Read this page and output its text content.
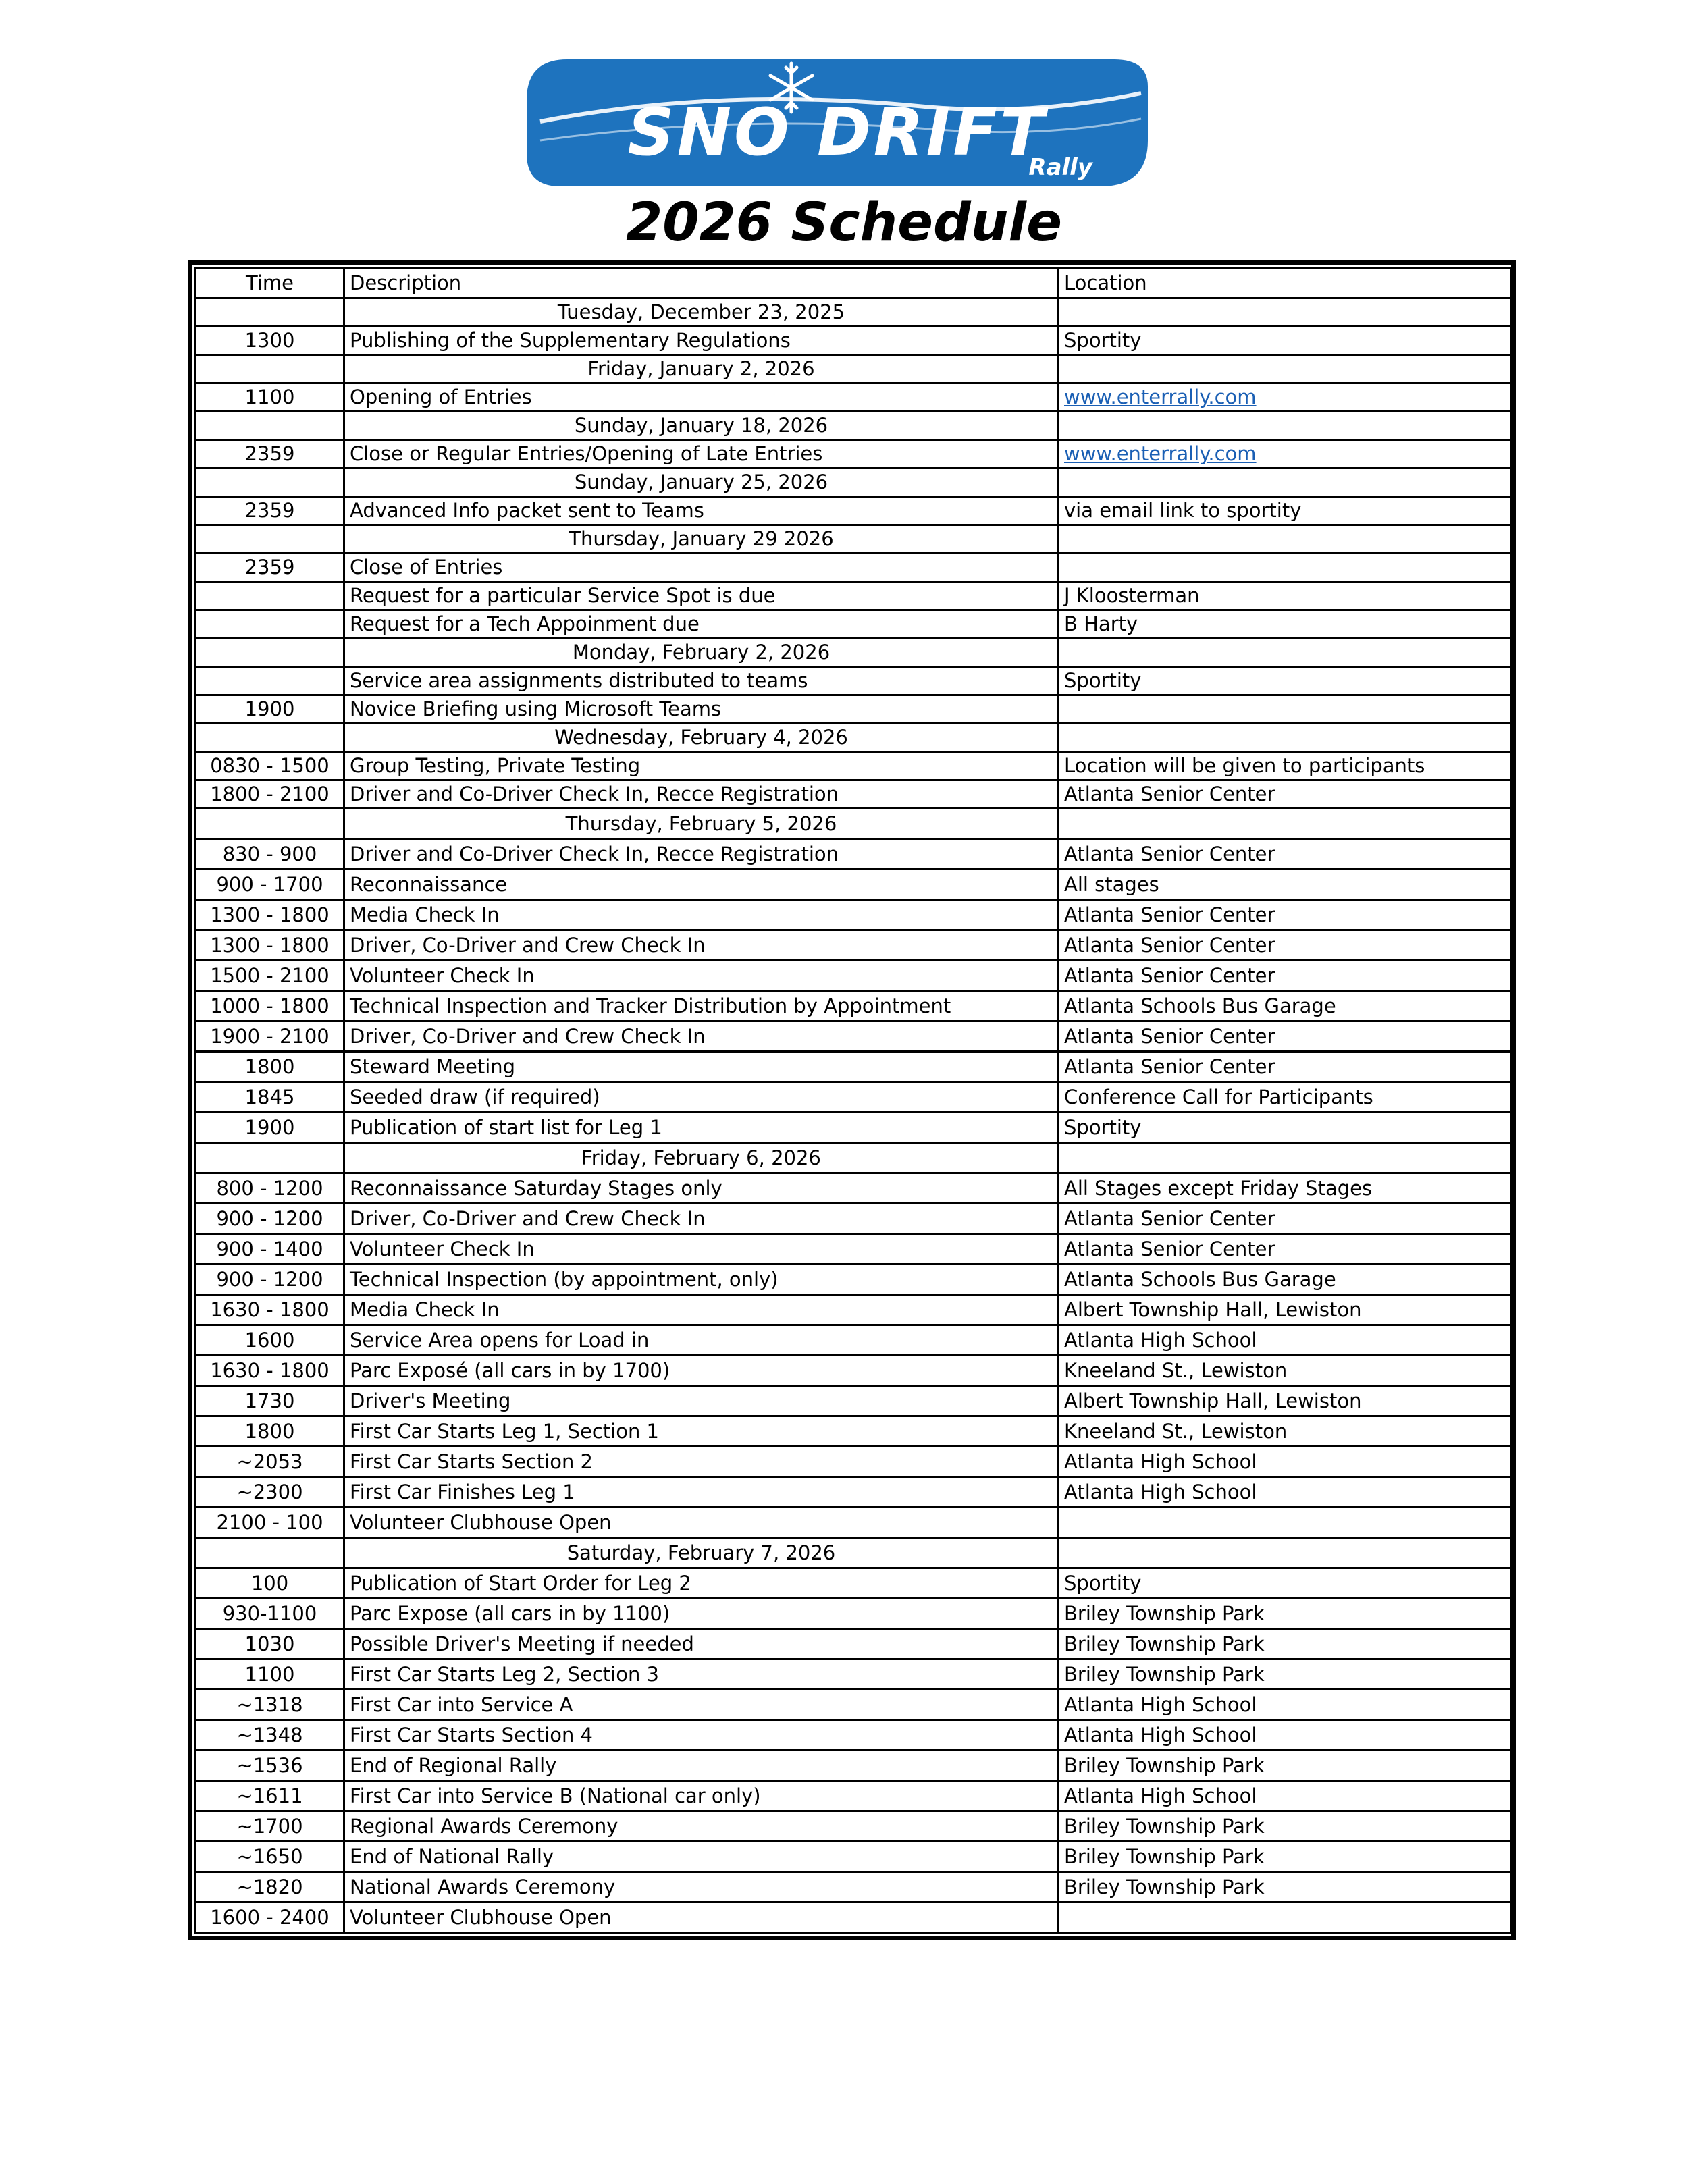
SNO DRIFT
Rally
2026 Schedule
Time	Description	Location
	Tuesday, December 23, 2025	
1300	Publishing of the Supplementary Regulations	Sportity
	Friday, January 2, 2026	
1100	Opening of Entries	www.enterrally.com
	Sunday, January 18, 2026	
2359	Close or Regular Entries/Opening of Late Entries	www.enterrally.com
	Sunday, January 25, 2026	
2359	Advanced Info packet sent to Teams	via email link to sportity
	Thursday, January 29 2026	
2359	Close of Entries	
	Request for a particular Service Spot is due	J Kloosterman
	Request for a Tech Appoinment due	B Harty
	Monday, February 2, 2026	
	Service area assignments distributed to teams	Sportity
1900	Novice Briefing using Microsoft Teams	
	Wednesday, February 4, 2026	
0830 - 1500	Group Testing, Private Testing	Location will be given to participants
1800 - 2100	Driver and Co-Driver Check In, Recce Registration	Atlanta Senior Center
	Thursday, February 5, 2026	
830 - 900	Driver and Co-Driver Check In, Recce Registration	Atlanta Senior Center
900 - 1700	Reconnaissance	All stages
1300 - 1800	Media Check In	Atlanta Senior Center
1300 - 1800	Driver, Co-Driver and Crew Check In	Atlanta Senior Center
1500 - 2100	Volunteer Check In	Atlanta Senior Center
1000 - 1800	Technical Inspection and Tracker Distribution by Appointment	Atlanta Schools Bus Garage
1900 - 2100	Driver, Co-Driver and Crew Check In	Atlanta Senior Center
1800	Steward Meeting	Atlanta Senior Center
1845	Seeded draw (if required)	Conference Call for Participants
1900	Publication of start list for Leg 1	Sportity
	Friday, February 6, 2026	
800 - 1200	Reconnaissance Saturday Stages only	All Stages except Friday Stages
900 - 1200	Driver, Co-Driver and Crew Check In	Atlanta Senior Center
900 - 1400	Volunteer Check In	Atlanta Senior Center
900 - 1200	Technical Inspection (by appointment, only)	Atlanta Schools Bus Garage
1630 - 1800	Media Check In	Albert Township Hall, Lewiston
1600	Service Area opens for Load in	Atlanta High School
1630 - 1800	Parc Exposé (all cars in by 1700)	Kneeland St., Lewiston
1730	Driver's Meeting	Albert Township Hall, Lewiston
1800	First Car Starts Leg 1, Section 1	Kneeland St., Lewiston
~2053	First Car Starts Section 2	Atlanta High School
~2300	First Car Finishes Leg 1	Atlanta High School
2100 - 100	Volunteer Clubhouse Open	
	Saturday, February 7, 2026	
100	Publication of Start Order for Leg 2	Sportity
930-1100	Parc Expose (all cars in by 1100)	Briley Township Park
1030	Possible Driver's Meeting if needed	Briley Township Park
1100	First Car Starts Leg 2, Section 3	Briley Township Park
~1318	First Car into Service A	Atlanta High School
~1348	First Car Starts Section 4	Atlanta High School
~1536	End of Regional Rally	Briley Township Park
~1611	First Car into Service B (National car only)	Atlanta High School
~1700	Regional Awards Ceremony	Briley Township Park
~1650	End of National Rally	Briley Township Park
~1820	National Awards Ceremony	Briley Township Park
1600 - 2400	Volunteer Clubhouse Open	
